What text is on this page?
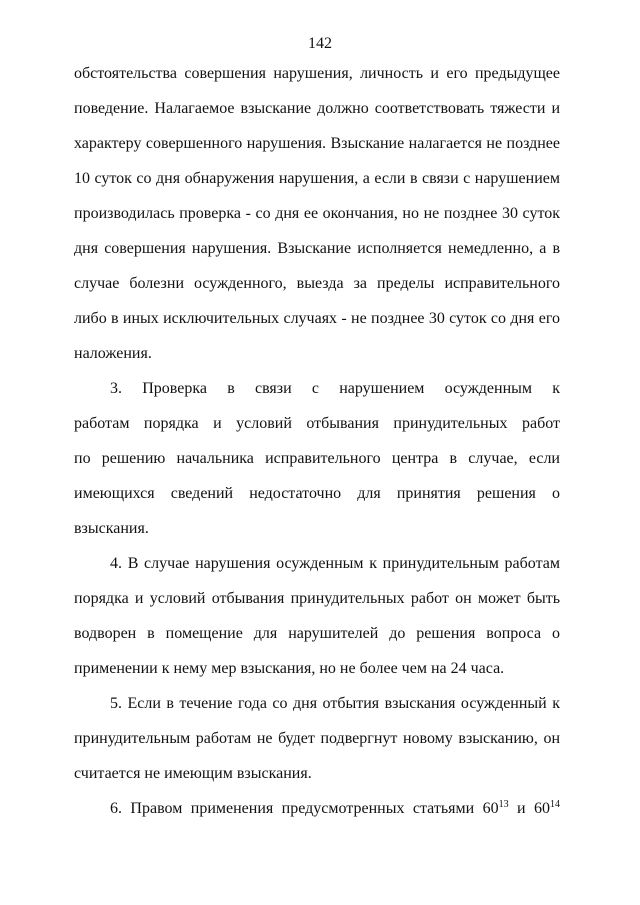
142
обстоятельства совершения нарушения, личность и его предыдущее
поведение. Налагаемое взыскание должно соответствовать тяжести и
характеру совершенного нарушения. Взыскание налагается не позднее
10 суток со дня обнаружения нарушения, а если в связи с нарушением
производилась проверка - со дня ее окончания, но не позднее 30 суток
дня совершения нарушения. Взыскание исполняется немедленно, а в
случае болезни осужденного, выезда за пределы исправительного
либо в иных исключительных случаях - не позднее 30 суток со дня его
наложения.
3. Проверка в связи с нарушением осужденным к
работам порядка и условий отбывания принудительных работ
по решению начальника исправительного центра в случае, если
имеющихся сведений недостаточно для принятия решения о
взыскания.
4. В случае нарушения осужденным к принудительным работам
порядка и условий отбывания принудительных работ он может быть
водворен в помещение для нарушителей до решения вопроса о
применении к нему мер взыскания, но не более чем на 24 часа.
5. Если в течение года со дня отбытия взыскания осужденный к
принудительным работам не будет подвергнут новому взысканию, он
считается не имеющим взыскания.
6. Правом применения предусмотренных статьями $60^{13}$ и $60^{14}$
